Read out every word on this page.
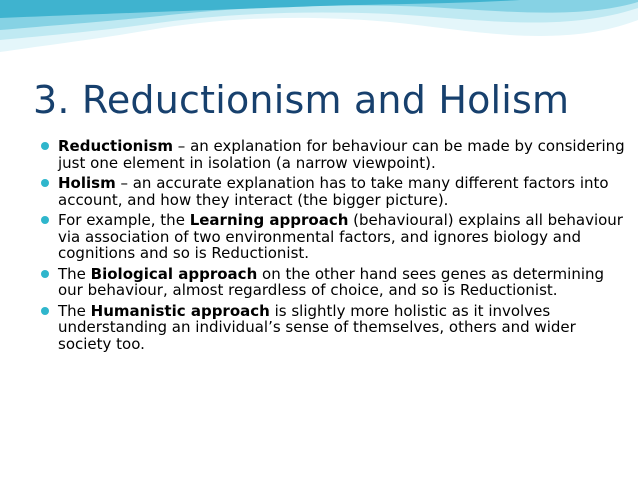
3. Reductionism and Holism
Reductionism – an explanation for behaviour can be made by considering just one element in isolation (a narrow viewpoint).
Holism – an accurate explanation has to take many different factors into account, and how they interact (the bigger picture).
For example, the Learning approach (behavioural) explains all behaviour via association of two environmental factors, and ignores biology and cognitions and so is Reductionist.
The Biological approach on the other hand sees genes as determining our behaviour, almost regardless of choice, and so is Reductionist.
The Humanistic approach is slightly more holistic as it involves understanding an individual’s sense of themselves, others and wider society too.
